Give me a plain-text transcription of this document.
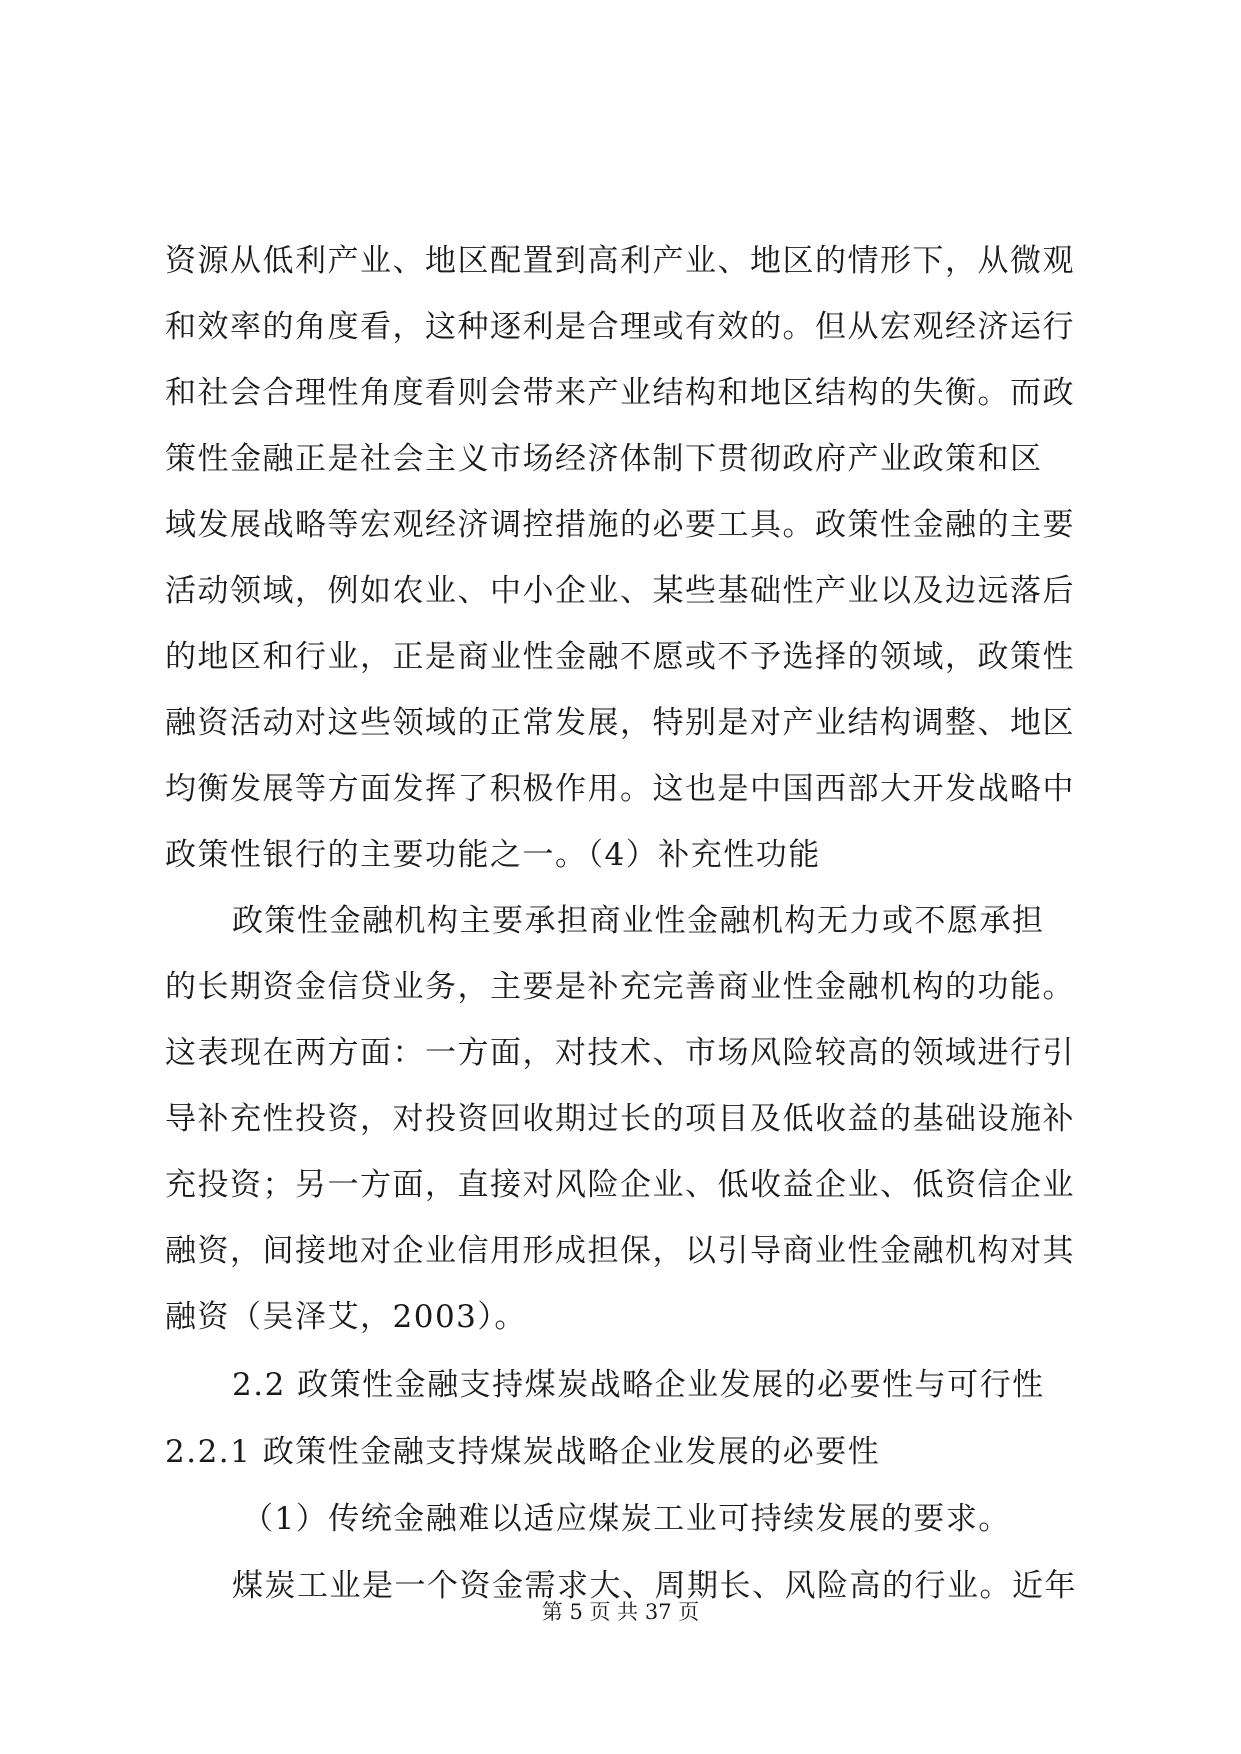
资源从低利产业、地区配置到高利产业、地区的情形下，从微观
和效率的角度看，这种逐利是合理或有效的。但从宏观经济运行
和社会合理性角度看则会带来产业结构和地区结构的失衡。而政
策性金融正是社会主义市场经济体制下贯彻政府产业政策和区
域发展战略等宏观经济调控措施的必要工具。政策性金融的主要
活动领域，例如农业、中小企业、某些基础性产业以及边远落后
的地区和行业，正是商业性金融不愿或不予选择的领域，政策性
融资活动对这些领域的正常发展，特别是对产业结构调整、地区
均衡发展等方面发挥了积极作用。这也是中国西部大开发战略中
政策性银行的主要功能之一。（4）补充性功能
政策性金融机构主要承担商业性金融机构无力或不愿承担
的长期资金信贷业务，主要是补充完善商业性金融机构的功能。
这表现在两方面：一方面，对技术、市场风险较高的领域进行引
导补充性投资，对投资回收期过长的项目及低收益的基础设施补
充投资；另一方面，直接对风险企业、低收益企业、低资信企业
融资，间接地对企业信用形成担保，以引导商业性金融机构对其
融资（吴泽艾，2003）。
2.2 政策性金融支持煤炭战略企业发展的必要性与可行性
2.2.1 政策性金融支持煤炭战略企业发展的必要性
（1）传统金融难以适应煤炭工业可持续发展的要求。
煤炭工业是一个资金需求大、周期长、风险高的行业。近年
第 5 页 共 37 页
